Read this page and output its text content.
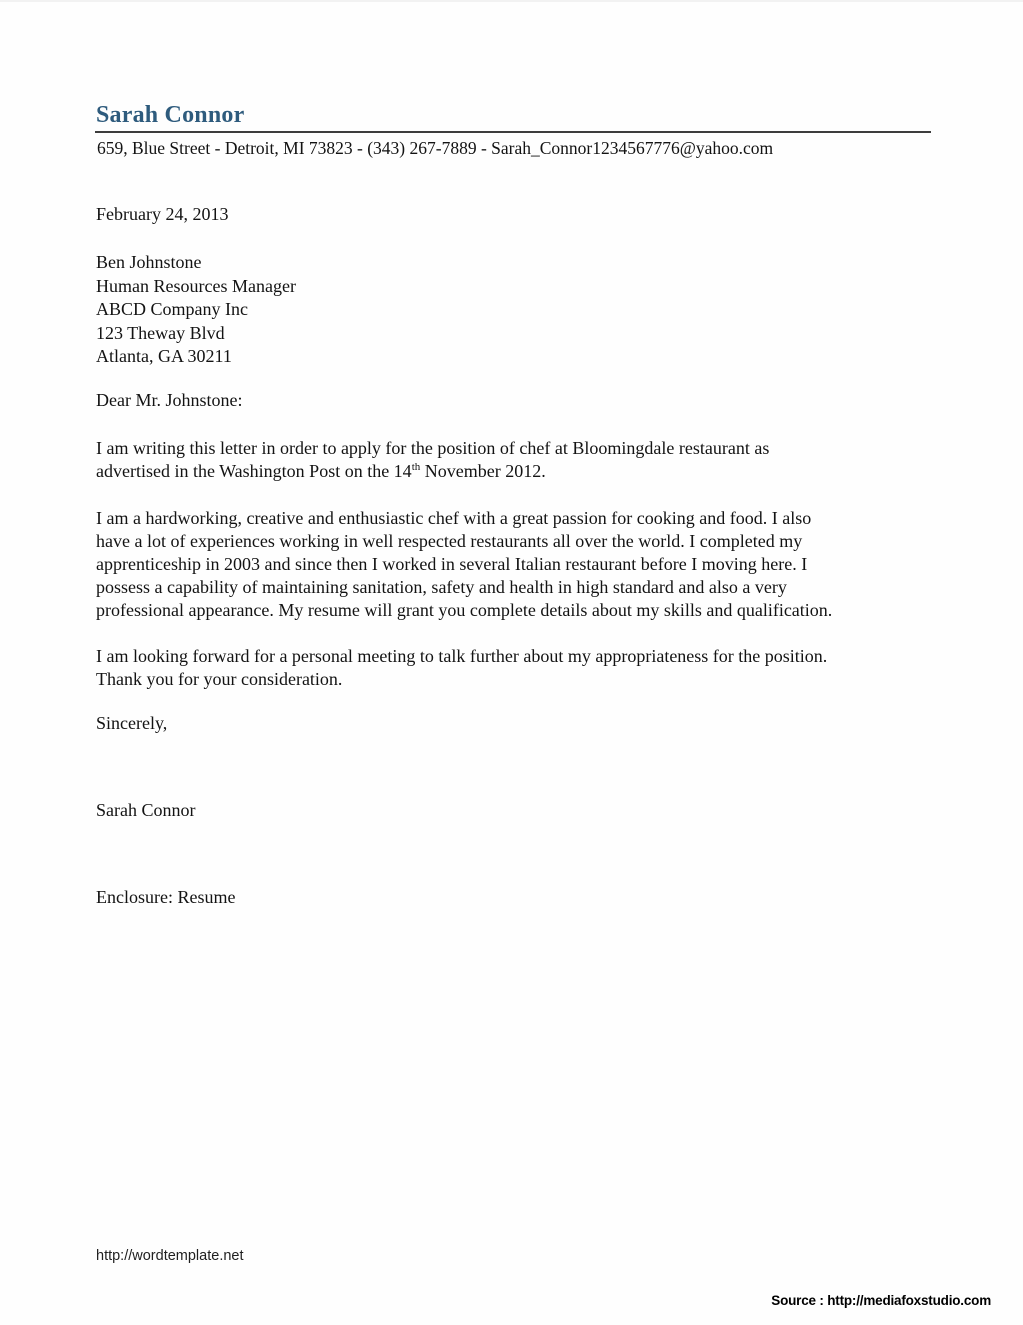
Sarah Connor
659, Blue Street - Detroit, MI 73823 - (343) 267-7889 - Sarah_Connor1234567776@yahoo.com
February 24, 2013
Ben Johnstone
Human Resources Manager
ABCD Company Inc
123 Theway Blvd
Atlanta, GA 30211
Dear Mr. Johnstone:
I am writing this letter in order to apply for the position of chef at Bloomingdale restaurant as
advertised in the Washington Post on the 14th November 2012.
I am a hardworking, creative and enthusiastic chef with a great passion for cooking and food. I also
have a lot of experiences working in well respected restaurants all over the world. I completed my
apprenticeship in 2003 and since then I worked in several Italian restaurant before I moving here. I
possess a capability of maintaining sanitation, safety and health in high standard and also a very
professional appearance. My resume will grant you complete details about my skills and qualification.
I am looking forward for a personal meeting to talk further about my appropriateness for the position.
Thank you for your consideration.
Sincerely,
Sarah Connor
Enclosure: Resume
http://wordtemplate.net
Source : http://mediafoxstudio.com
